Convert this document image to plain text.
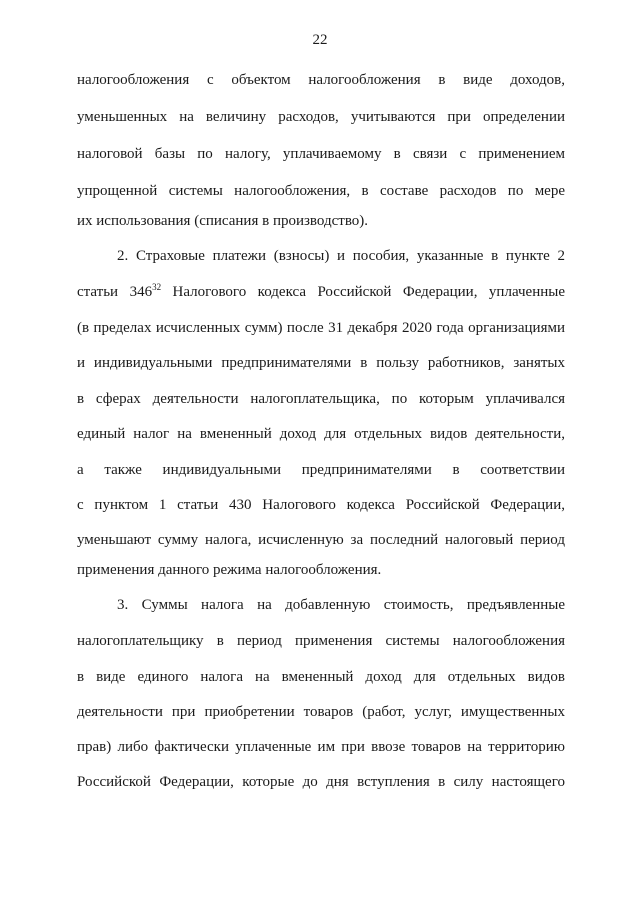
22
налогообложения с объектом налогообложения в виде доходов,
уменьшенных на величину расходов, учитываются при определении
налоговой базы по налогу, уплачиваемому в связи с применением
упрощенной системы налогообложения, в составе расходов по мере
их использования (списания в производство).
2. Страховые платежи (взносы) и пособия, указанные в пункте 2
статьи $346^{32}$ Налогового кодекса Российской Федерации, уплаченные
(в пределах исчисленных сумм) после 31 декабря 2020 года организациями
и индивидуальными предпринимателями в пользу работников, занятых
в сферах деятельности налогоплательщика, по которым уплачивался
единый налог на вмененный доход для отдельных видов деятельности,
а также индивидуальными предпринимателями в соответствии
с пунктом 1 статьи 430 Налогового кодекса Российской Федерации,
уменьшают сумму налога, исчисленную за последний налоговый период
применения данного режима налогообложения.
3. Суммы налога на добавленную стоимость, предъявленные
налогоплательщику в период применения системы налогообложения
в виде единого налога на вмененный доход для отдельных видов
деятельности при приобретении товаров (работ, услуг, имущественных
прав) либо фактически уплаченные им при ввозе товаров на территорию
Российской Федерации, которые до дня вступления в силу настоящего
